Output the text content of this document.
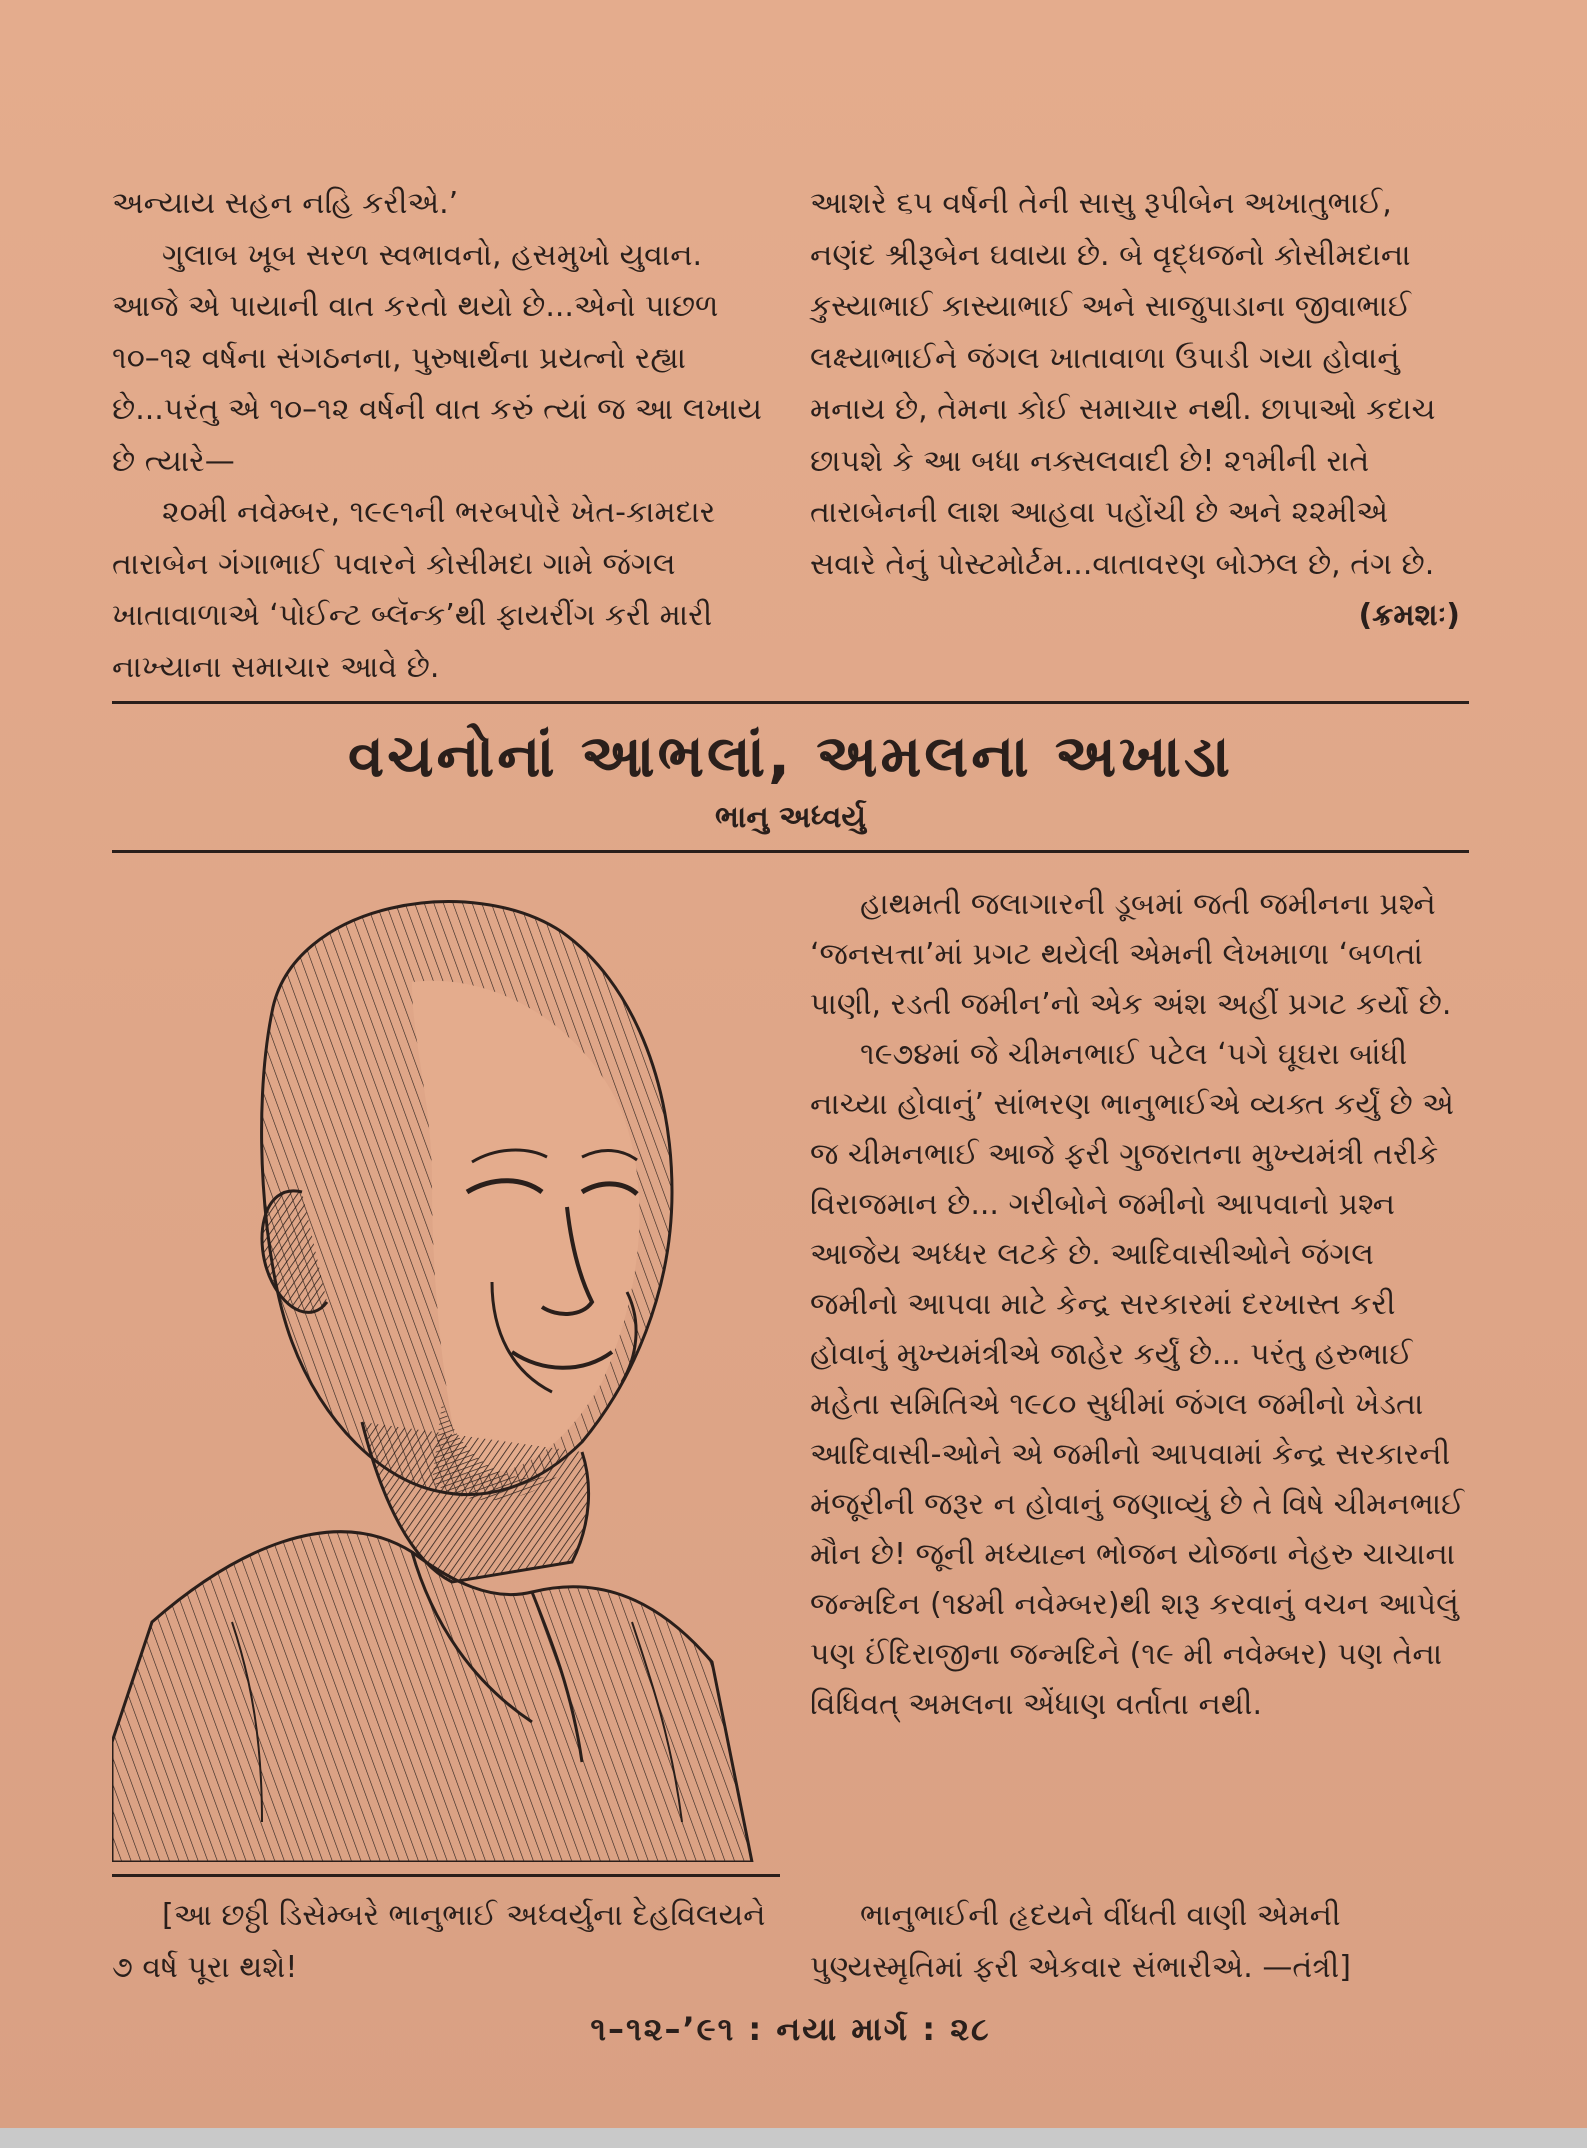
અન્યાય સહન નહિ કરીએ.’

ગુલાબ ખૂબ સરળ સ્વભાવનો, હસમુખો યુવાન. આજે એ પાયાની વાત કરતો થયો છે...એનો પાછળ ૧૦–૧૨ વર્ષના સંગઠનના, પુરુષાર્થના પ્રયત્નો રહ્યા છે...પરંતુ એ ૧૦–૧૨ વર્ષની વાત કરું ત્યાં જ આ લખાય છે ત્યારે—

૨૦મી નવેમ્બર, ૧૯૯૧ની ભરબપોરે ખેત-કામદાર તારાબેન ગંગાભાઈ પવારને કોસીમદા ગામે જંગલ ખાતાવાળાએ ‘પોઈન્ટ બ્લૅન્ક’થી ફાયરીંગ કરી મારી નાખ્યાના સમાચાર આવે છે.

આશરે ૬૫ વર્ષની તેની સાસુ રૂપીબેન અખાતુભાઈ, નણંદ શ્રીરૂબેન ઘવાયા છે. બે વૃદ્ધજનો કોસીમદાના કુસ્યાભાઈ કાસ્યાભાઈ અને સાજુપાડાના જીવાભાઈ લક્ષ્યાભાઈને જંગલ ખાતાવાળા ઉપાડી ગયા હોવાનું મનાય છે, તેમના કોઈ સમાચાર નથી. છાપાઓ કદાચ છાપશે કે આ બધા નક્સલવાદી છે! ૨૧મીની રાતે તારાબેનની લાશ આહવા પહોંચી છે અને ૨૨મીએ સવારે તેનું પોસ્ટમોર્ટમ...વાતાવરણ બોઝલ છે, તંગ છે.

(ક્રમશઃ)

વચનોનાં આભલાં, અમલના અખાડા
ભાનુ અધ્વર્યુ

હાથમતી જલાગારની ડૂબમાં જતી જમીનના પ્રશ્ને ‘જનસત્તા’માં પ્રગટ થયેલી એમની લેખમાળા ‘બળતાં પાણી, રડતી જમીન’નો એક અંશ અહીં પ્રગટ કર્યો છે.

૧૯૭૪માં જે ચીમનભાઈ પટેલ ‘પગે ઘૂઘરા બાંધી નાચ્યા હોવાનું’ સાંભરણ ભાનુભાઈએ વ્યક્ત કર્યું છે એ જ ચીમનભાઈ આજે ફરી ગુજરાતના મુખ્યમંત્રી તરીકે વિરાજમાન છે... ગરીબોને જમીનો આપવાનો પ્રશ્ન આજેય અધ્ધર લટકે છે. આદિવાસીઓને જંગલ જમીનો આપવા માટે કેન્દ્ર સરકારમાં દરખાસ્ત કરી હોવાનું મુખ્યમંત્રીએ જાહેર કર્યું છે... પરંતુ હરુભાઈ મહેતા સમિતિએ ૧૯૮૦ સુધીમાં જંગલ જમીનો ખેડતા આદિવાસી-ઓને એ જમીનો આપવામાં કેન્દ્ર સરકારની મંજૂરીની જરૂર ન હોવાનું જણાવ્યું છે તે વિષે ચીમનભાઈ મૌન છે! જૂની મધ્યાહ્ન ભોજન યોજના નેહરુ ચાચાના જન્મદિન (૧૪મી નવેમ્બર)થી શરૂ કરવાનું વચન આપેલું પણ ઈંદિરાજીના જન્મદિને (૧૯ મી નવેમ્બર) પણ તેના વિધિવત્ અમલના એંધાણ વર્તાતા નથી.

[આ છઠ્ઠી ડિસેમ્બરે ભાનુભાઈ અધ્વર્યુના દેહવિલયને ૭ વર્ષ પૂરા થશે!

ભાનુભાઈની હૃદયને વીંધતી વાણી એમની પુણ્યસ્મૃતિમાં ફરી એકવાર સંભારીએ. —તંત્રી]

૧–૧૨–’૯૧ : નયા માર્ગ : ૨૮
